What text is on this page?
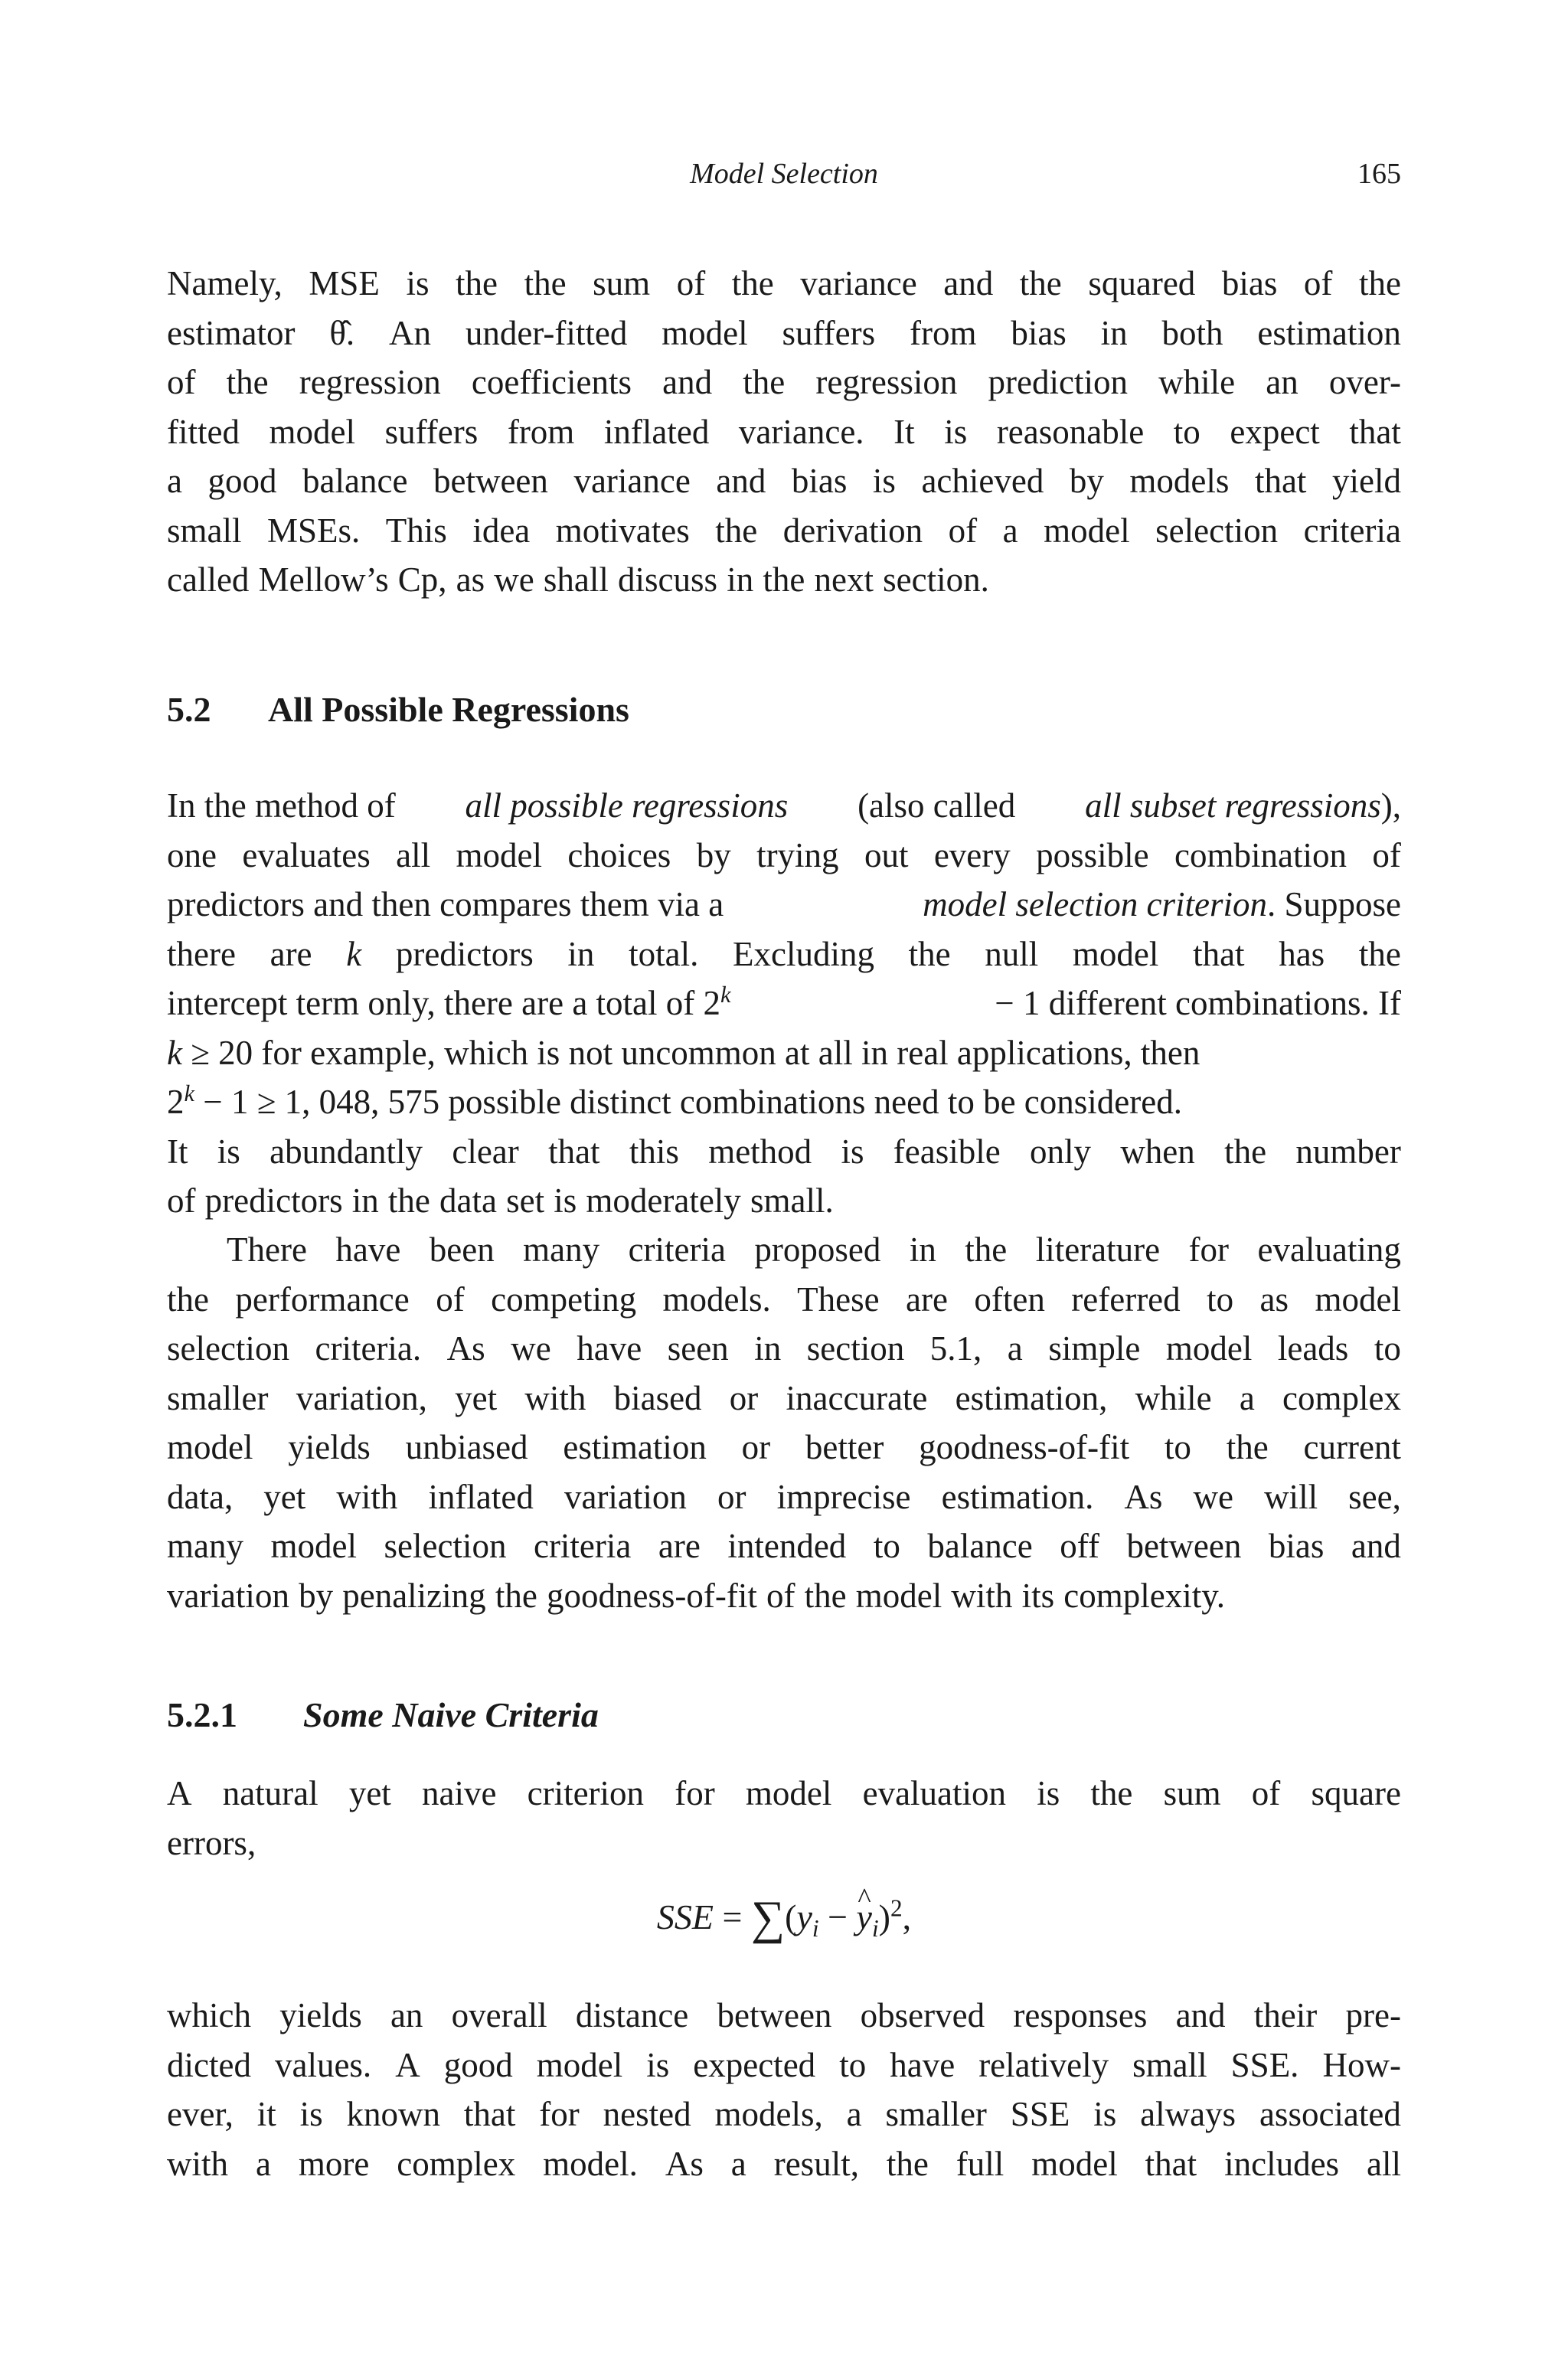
Model Selection	165
Namely, MSE is the the sum of the variance and the squared bias of the
estimator θ̂. An under-fitted model suffers from bias in both estimation
of the regression coefficients and the regression prediction while an over-
fitted model suffers from inflated variance. It is reasonable to expect that
a good balance between variance and bias is achieved by models that yield
small MSEs. This idea motivates the derivation of a model selection criteria
called Mellow’s Cp, as we shall discuss in the next section.
5.2 All Possible Regressions
In the method of all possible regressions (also called all subset regressions),
one evaluates all model choices by trying out every possible combination of
predictors and then compares them via a	model selection criterion. Suppose
there are k predictors in total. Excluding the null model that has the
intercept term only, there are a total of $2^k$	− 1 different combinations. If
k ≥ 20 for example, which is not uncommon at all in real applications, then
$2^k - 1 \ge 1$, 048, 575 possible distinct combinations need to be considered.
It is abundantly clear that this method is feasible only when the number
of predictors in the data set is moderately small.
There have been many criteria proposed in the literature for evaluating
the performance of competing models. These are often referred to as model
selection criteria. As we have seen in section 5.1, a simple model leads to
smaller variation, yet with biased or inaccurate estimation, while a complex
model yields unbiased estimation or better goodness-of-fit to the current
data, yet with inflated variation or imprecise estimation. As we will see,
many model selection criteria are intended to balance off between bias and
variation by penalizing the goodness-of-fit of the model with its complexity.
5.2.1 Some Naive Criteria
A natural yet naive criterion for model evaluation is the sum of square
errors,
SSE = $\sum(y_i - y$ $\^{}_i)^2$,
which yields an overall distance between observed responses and their pre-
dicted values. A good model is expected to have relatively small SSE. How-
ever, it is known that for nested models, a smaller SSE is always associated
with a more complex model. As a result, the full model that includes all
